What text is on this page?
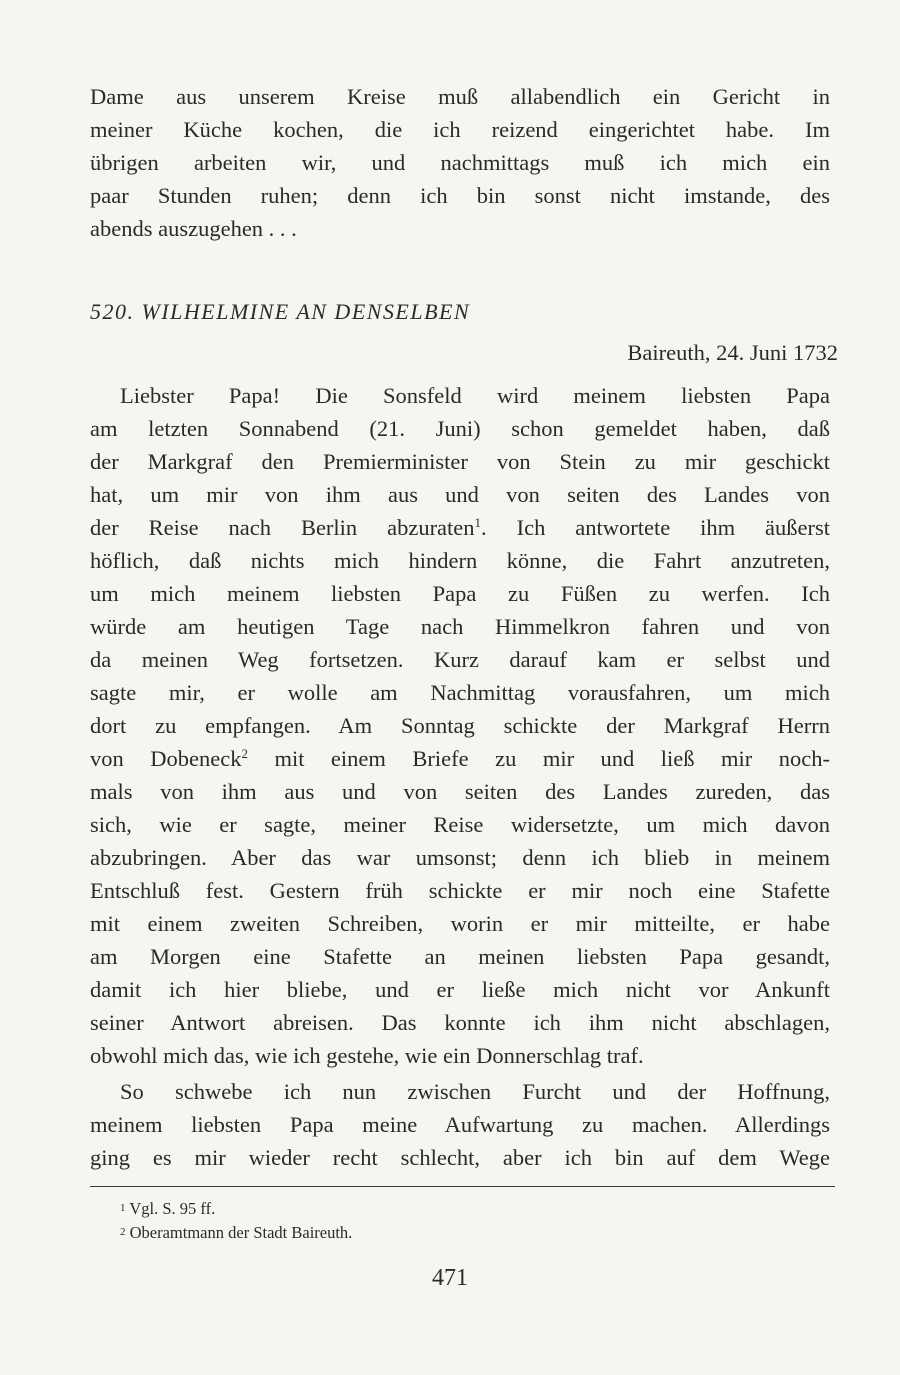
Dame aus unserem Kreise muß allabendlich ein Gericht in
meiner Küche kochen, die ich reizend eingerichtet habe. Im
übrigen arbeiten wir, und nachmittags muß ich mich ein
paar Stunden ruhen; denn ich bin sonst nicht imstande, des
abends auszugehen . . .
520. WILHELMINE AN DENSELBEN
Baireuth, 24. Juni 1732
Liebster Papa! Die Sonsfeld wird meinem liebsten Papa
am letzten Sonnabend (21. Juni) schon gemeldet haben, daß
der Markgraf den Premierminister von Stein zu mir geschickt
hat, um mir von ihm aus und von seiten des Landes von
der Reise nach Berlin abzuraten$^1$. Ich antwortete ihm äußerst
höflich, daß nichts mich hindern könne, die Fahrt anzutreten,
um mich meinem liebsten Papa zu Füßen zu werfen. Ich
würde am heutigen Tage nach Himmelkron fahren und von
da meinen Weg fortsetzen. Kurz darauf kam er selbst und
sagte mir, er wolle am Nachmittag vorausfahren, um mich
dort zu empfangen. Am Sonntag schickte der Markgraf Herrn
von Dobeneck$^2$ mit einem Briefe zu mir und ließ mir noch-
mals von ihm aus und von seiten des Landes zureden, das
sich, wie er sagte, meiner Reise widersetzte, um mich davon
abzubringen. Aber das war umsonst; denn ich blieb in meinem
Entschluß fest. Gestern früh schickte er mir noch eine Stafette
mit einem zweiten Schreiben, worin er mir mitteilte, er habe
am Morgen eine Stafette an meinen liebsten Papa gesandt,
damit ich hier bliebe, und er ließe mich nicht vor Ankunft
seiner Antwort abreisen. Das konnte ich ihm nicht abschlagen,
obwohl mich das, wie ich gestehe, wie ein Donnerschlag traf.
So schwebe ich nun zwischen Furcht und der Hoffnung,
meinem liebsten Papa meine Aufwartung zu machen. Allerdings
ging es mir wieder recht schlecht, aber ich bin auf dem Wege
$^1$ Vgl. S. 95 ff.
$^2$ Oberamtmann der Stadt Baireuth.
471
